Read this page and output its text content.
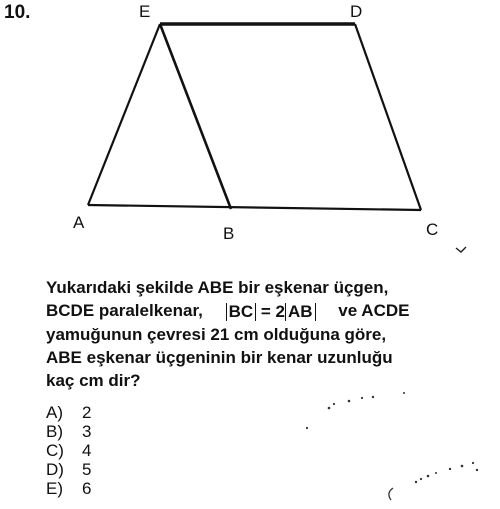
10.	E	D
A
B	C
Yukarıdaki şekilde ABE bir eşkenar üçgen,
BCDE paralelkenar, BC = 2 AB ve ACDE
yamuğunun çevresi 21 cm olduğuna göre,
ABE eşkenar üçgeninin bir kenar uzunluğu
kaç cm dir?
A) 2
B) 3
C) 4
D) 5
E) 6
